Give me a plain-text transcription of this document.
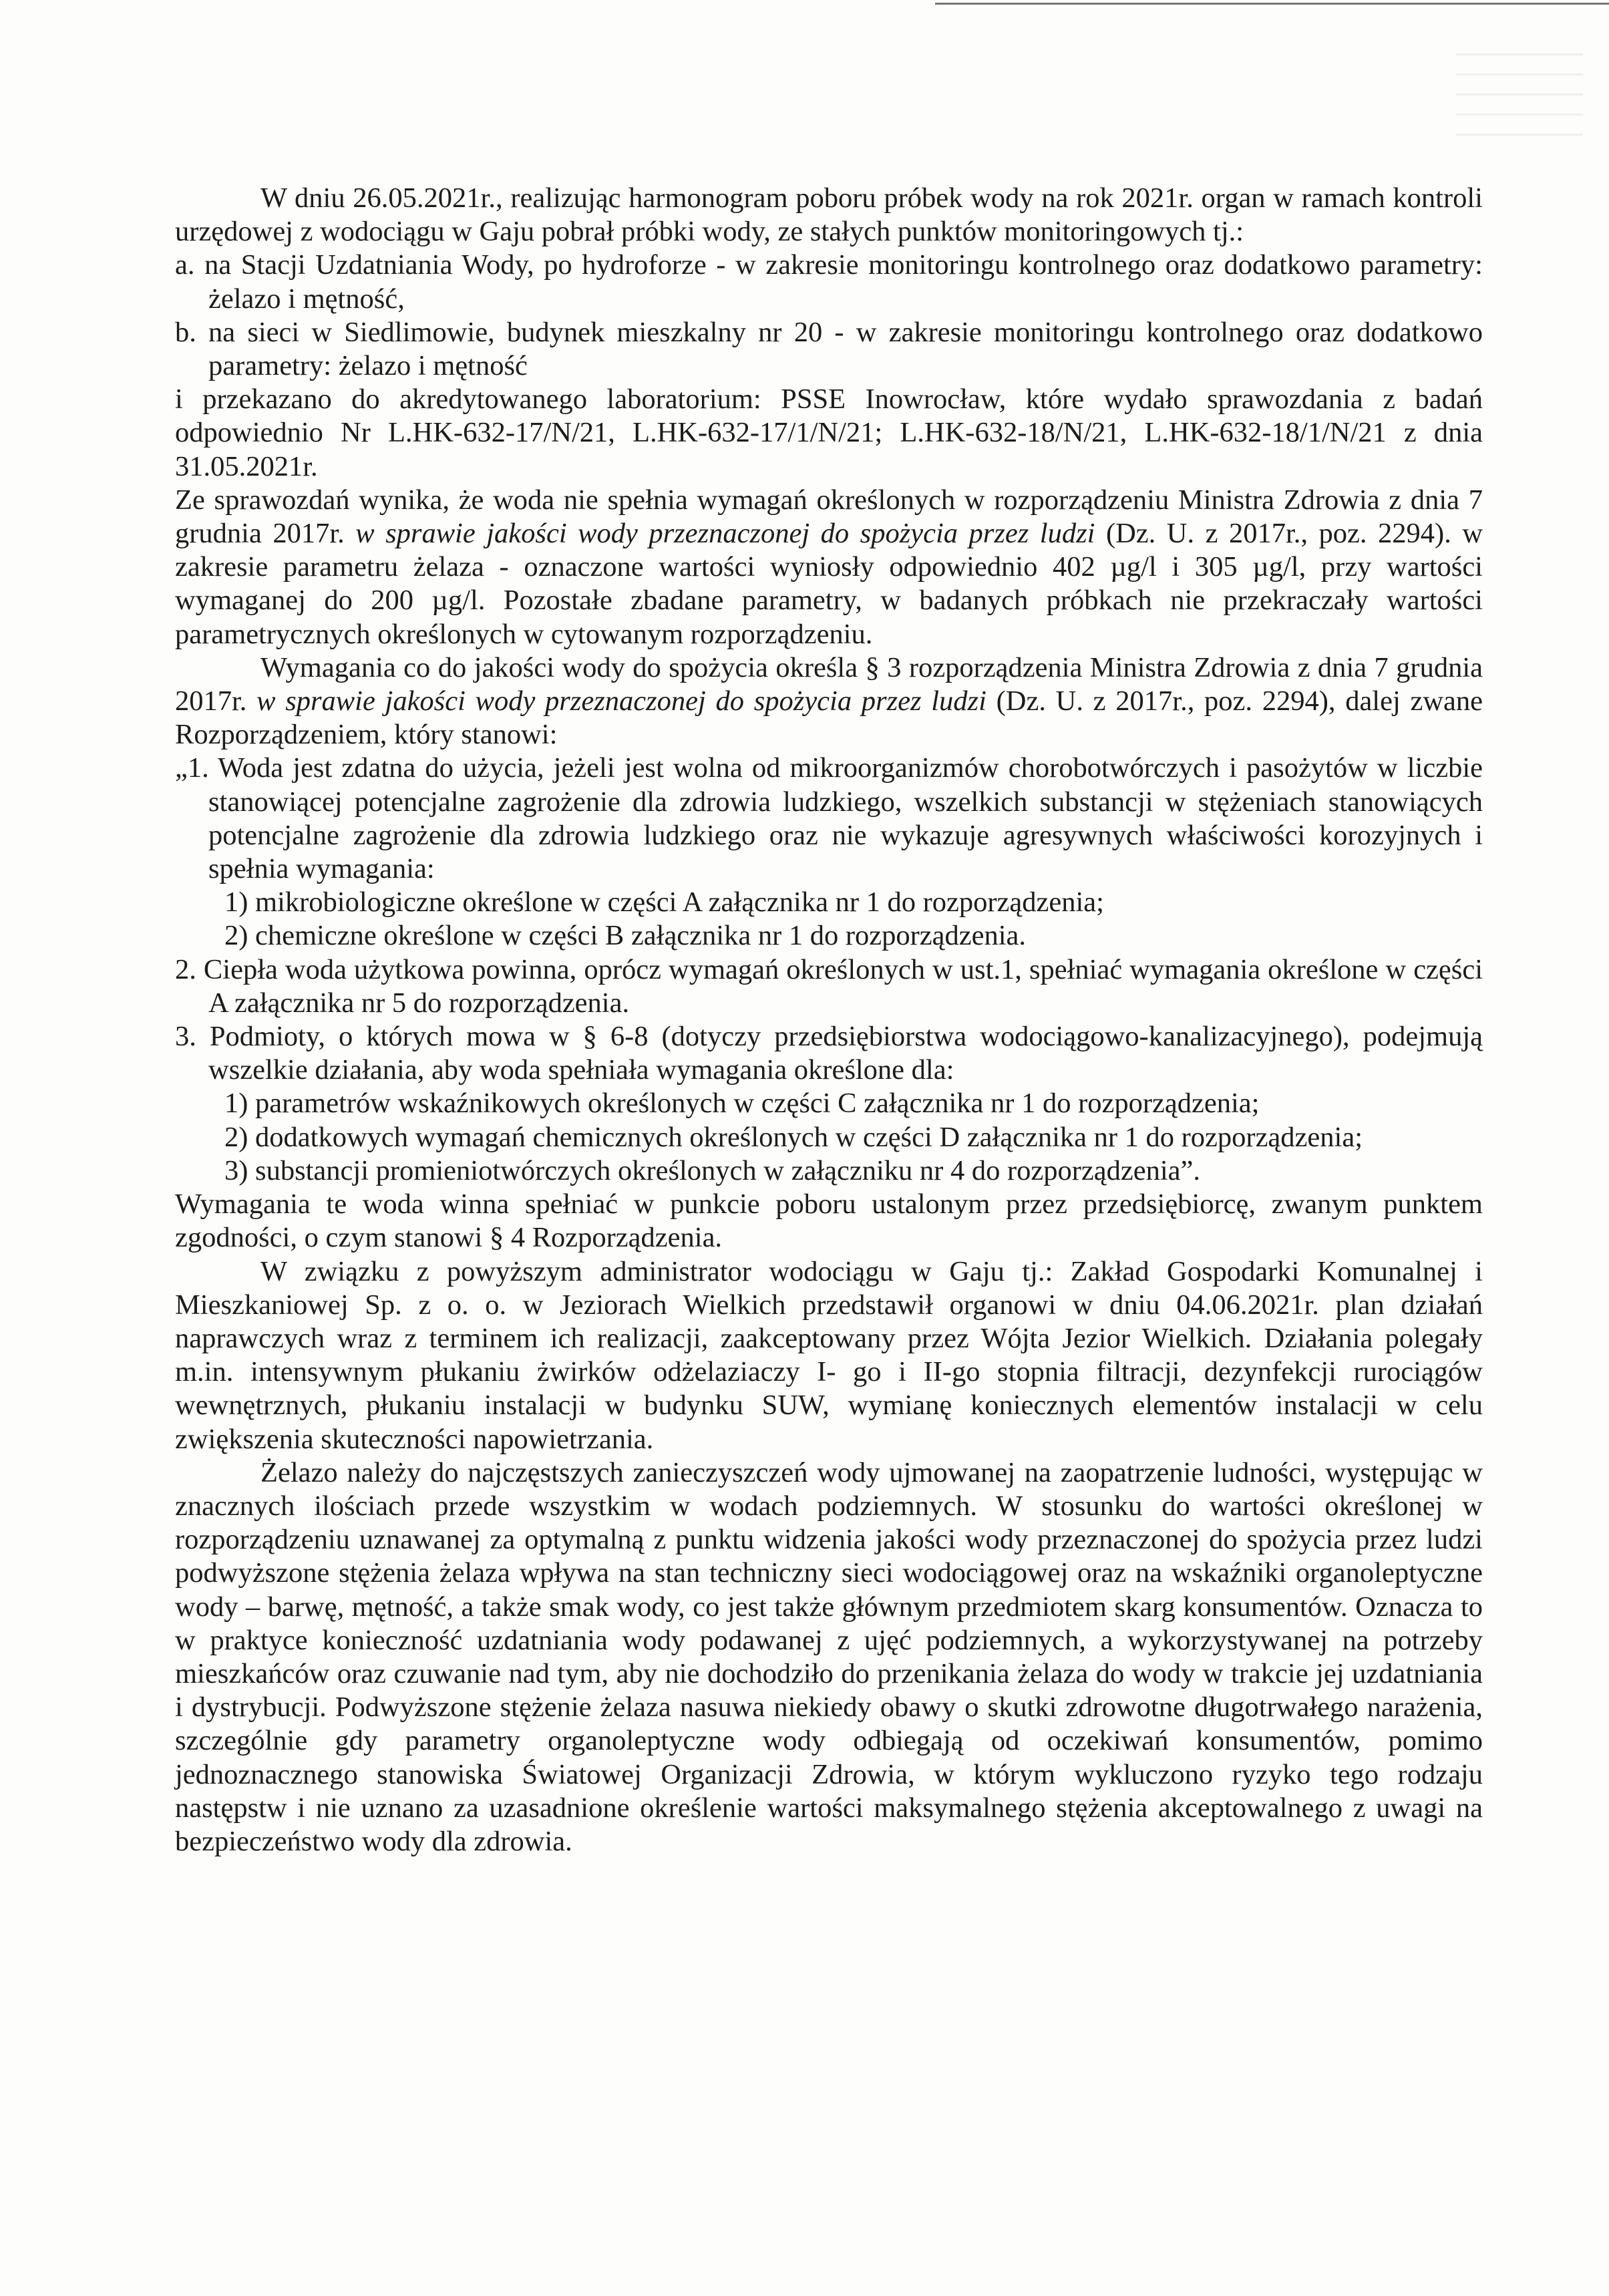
W dniu 26.05.2021r., realizując harmonogram poboru próbek wody na rok 2021r. organ w ramach kontroli urzędowej z wodociągu w Gaju pobrał próbki wody, ze stałych punktów monitoringowych tj.:

a. na Stacji Uzdatniania Wody, po hydroforze - w zakresie monitoringu kontrolnego oraz dodatkowo parametry: żelazo i mętność,

b. na sieci w Siedlimowie, budynek mieszkalny nr 20 - w zakresie monitoringu kontrolnego oraz dodatkowo parametry: żelazo i mętność

i przekazano do akredytowanego laboratorium: PSSE Inowrocław, które wydało sprawozdania z badań odpowiednio Nr L.HK-632-17/N/21, L.HK-632-17/1/N/21; L.HK-632-18/N/21, L.HK-632-18/1/N/21 z dnia 31.05.2021r.

Ze sprawozdań wynika, że woda nie spełnia wymagań określonych w rozporządzeniu Ministra Zdrowia z dnia 7 grudnia 2017r. w sprawie jakości wody przeznaczonej do spożycia przez ludzi (Dz. U. z 2017r., poz. 2294). w zakresie parametru żelaza - oznaczone wartości wyniosły odpowiednio 402 µg/l i 305 µg/l, przy wartości wymaganej do 200 µg/l. Pozostałe zbadane parametry, w badanych próbkach nie przekraczały wartości parametrycznych określonych w cytowanym rozporządzeniu.

Wymagania co do jakości wody do spożycia określa § 3 rozporządzenia Ministra Zdrowia z dnia 7 grudnia 2017r. w sprawie jakości wody przeznaczonej do spożycia przez ludzi (Dz. U. z 2017r., poz. 2294), dalej zwane Rozporządzeniem, który stanowi:

„1. Woda jest zdatna do użycia, jeżeli jest wolna od mikroorganizmów chorobotwórczych i pasożytów w liczbie stanowiącej potencjalne zagrożenie dla zdrowia ludzkiego, wszelkich substancji w stężeniach stanowiących potencjalne zagrożenie dla zdrowia ludzkiego oraz nie wykazuje agresywnych właściwości korozyjnych i spełnia wymagania:

1) mikrobiologiczne określone w części A załącznika nr 1 do rozporządzenia;

2) chemiczne określone w części B załącznika nr 1 do rozporządzenia.

2. Ciepła woda użytkowa powinna, oprócz wymagań określonych w ust.1, spełniać wymagania określone w części A załącznika nr 5 do rozporządzenia.

3. Podmioty, o których mowa w § 6-8 (dotyczy przedsiębiorstwa wodociągowo-kanalizacyjnego), podejmują wszelkie działania, aby woda spełniała wymagania określone dla:

1) parametrów wskaźnikowych określonych w części C załącznika nr 1 do rozporządzenia;

2) dodatkowych wymagań chemicznych określonych w części D załącznika nr 1 do rozporządzenia;

3) substancji promieniotwórczych określonych w załączniku nr 4 do rozporządzenia”.

Wymagania te woda winna spełniać w punkcie poboru ustalonym przez przedsiębiorcę, zwanym punktem zgodności, o czym stanowi § 4 Rozporządzenia.

W związku z powyższym administrator wodociągu w Gaju tj.: Zakład Gospodarki Komunalnej i Mieszkaniowej Sp. z o. o. w Jeziorach Wielkich przedstawił organowi w dniu 04.06.2021r. plan działań naprawczych wraz z terminem ich realizacji, zaakceptowany przez Wójta Jezior Wielkich. Działania polegały m.in. intensywnym płukaniu żwirków odżelaziaczy I- go i II-go stopnia filtracji, dezynfekcji rurociągów wewnętrznych, płukaniu instalacji w budynku SUW, wymianę koniecznych elementów instalacji w celu zwiększenia skuteczności napowietrzania.

Żelazo należy do najczęstszych zanieczyszczeń wody ujmowanej na zaopatrzenie ludności, występując w znacznych ilościach przede wszystkim w wodach podziemnych. W stosunku do wartości określonej w rozporządzeniu uznawanej za optymalną z punktu widzenia jakości wody przeznaczonej do spożycia przez ludzi podwyższone stężenia żelaza wpływa na stan techniczny sieci wodociągowej oraz na wskaźniki organoleptyczne wody – barwę, mętność, a także smak wody, co jest także głównym przedmiotem skarg konsumentów. Oznacza to w praktyce konieczność uzdatniania wody podawanej z ujęć podziemnych, a wykorzystywanej na potrzeby mieszkańców oraz czuwanie nad tym, aby nie dochodziło do przenikania żelaza do wody w trakcie jej uzdatniania i dystrybucji. Podwyższone stężenie żelaza nasuwa niekiedy obawy o skutki zdrowotne długotrwałego narażenia, szczególnie gdy parametry organoleptyczne wody odbiegają od oczekiwań konsumentów, pomimo jednoznacznego stanowiska Światowej Organizacji Zdrowia, w którym wykluczono ryzyko tego rodzaju następstw i nie uznano za uzasadnione określenie wartości maksymalnego stężenia akceptowalnego z uwagi na bezpieczeństwo wody dla zdrowia.
